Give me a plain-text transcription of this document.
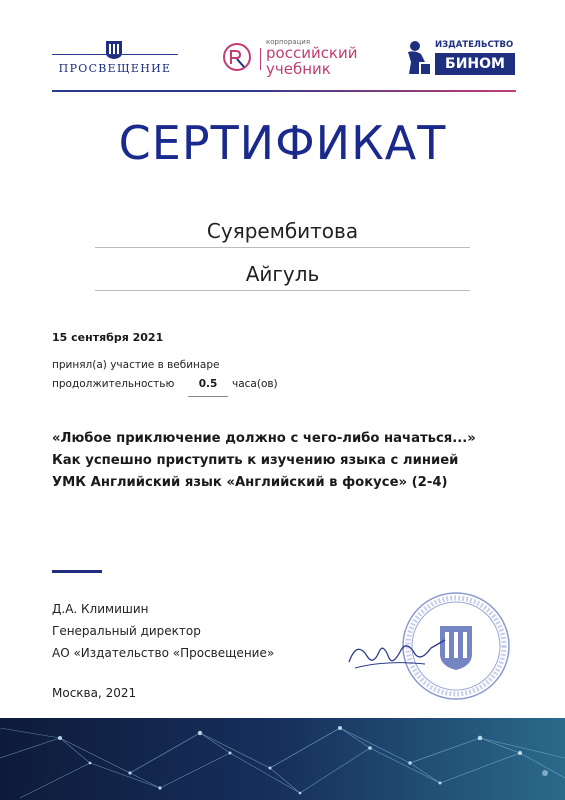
ПРОСВЕЩЕНИЕ
корпорация
российский
учебник
ИЗДАТЕЛЬСТВО
БИНОМ
СЕРТИФИКАТ
Суярембитова
Айгуль
15 сентября 2021
принял(а) участие в вебинаре
продолжительностью	0.5	часа(ов)
«Любое приключение должно с чего-либо начаться...»
Как успешно приступить к изучению языка с линией
УМК Английский язык «Английский в фокусе» (2-4)
Д.А. Климишин
Генеральный директор
АО «Издательство «Просвещение»
Москва, 2021
